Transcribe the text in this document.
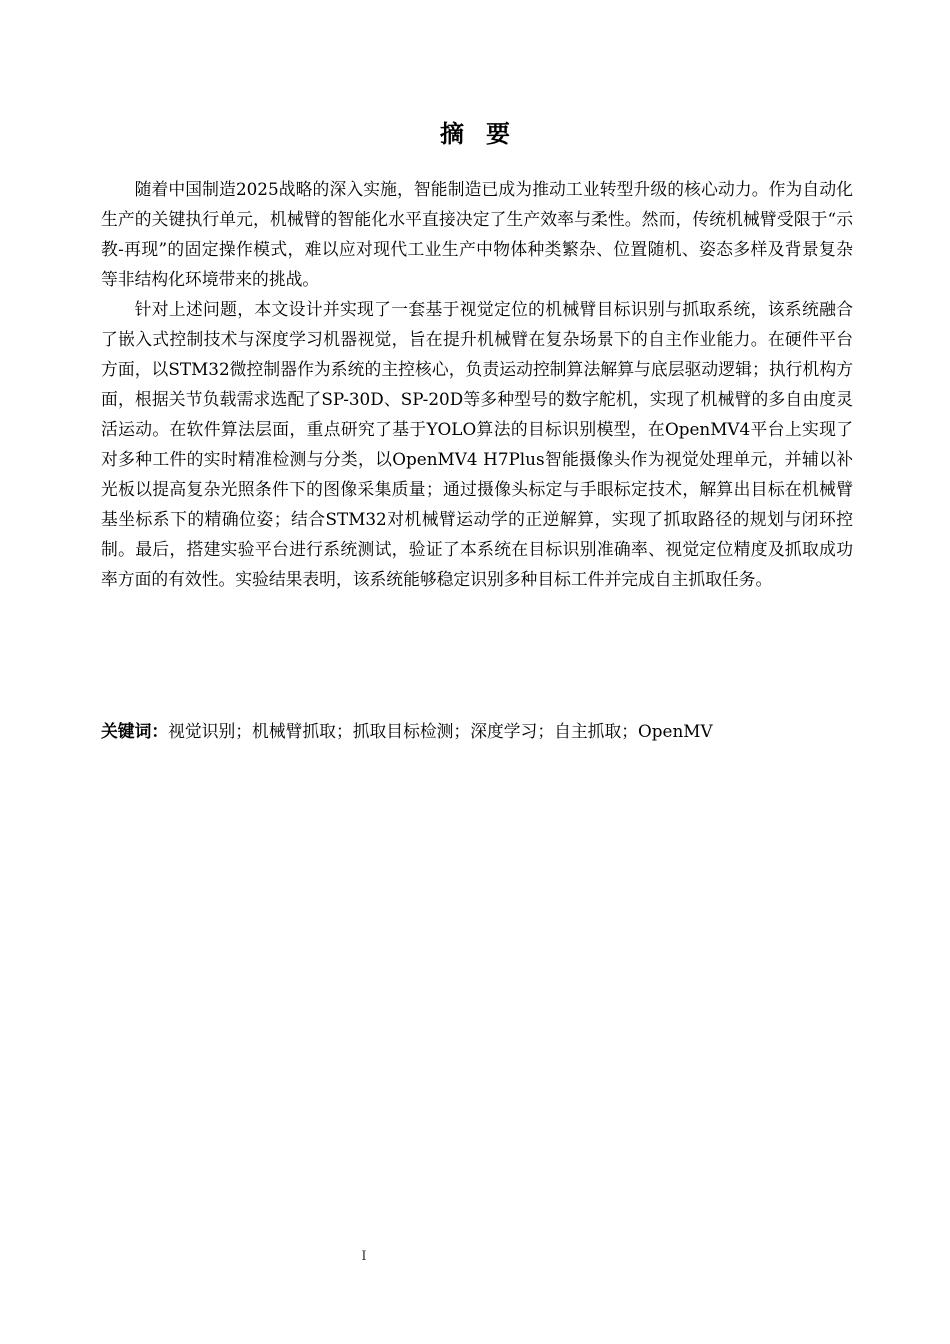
摘要

随着中国制造2025战略的深入实施，智能制造已成为推动工业转型升级的核心动力。作为自动化生产的关键执行单元，机械臂的智能化水平直接决定了生产效率与柔性。然而，传统机械臂受限于“示教-再现”的固定操作模式，难以应对现代工业生产中物体种类繁杂、位置随机、姿态多样及背景复杂等非结构化环境带来的挑战。

针对上述问题，本文设计并实现了一套基于视觉定位的机械臂目标识别与抓取系统，该系统融合了嵌入式控制技术与深度学习机器视觉，旨在提升机械臂在复杂场景下的自主作业能力。在硬件平台方面，以STM32微控制器作为系统的主控核心，负责运动控制算法解算与底层驱动逻辑；执行机构方面，根据关节负载需求选配了SP-30D、SP-20D等多种型号的数字舵机，实现了机械臂的多自由度灵活运动。在软件算法层面，重点研究了基于YOLO算法的目标识别模型，在OpenMV4平台上实现了对多种工件的实时精准检测与分类，以OpenMV4 H7Plus智能摄像头作为视觉处理单元，并辅以补光板以提高复杂光照条件下的图像采集质量；通过摄像头标定与手眼标定技术，解算出目标在机械臂基坐标系下的精确位姿；结合STM32对机械臂运动学的正逆解算，实现了抓取路径的规划与闭环控制。最后，搭建实验平台进行系统测试，验证了本系统在目标识别准确率、视觉定位精度及抓取成功率方面的有效性。实验结果表明，该系统能够稳定识别多种目标工件并完成自主抓取任务。

关键词：视觉识别；机械臂抓取；抓取目标检测；深度学习；自主抓取；OpenMV
I
